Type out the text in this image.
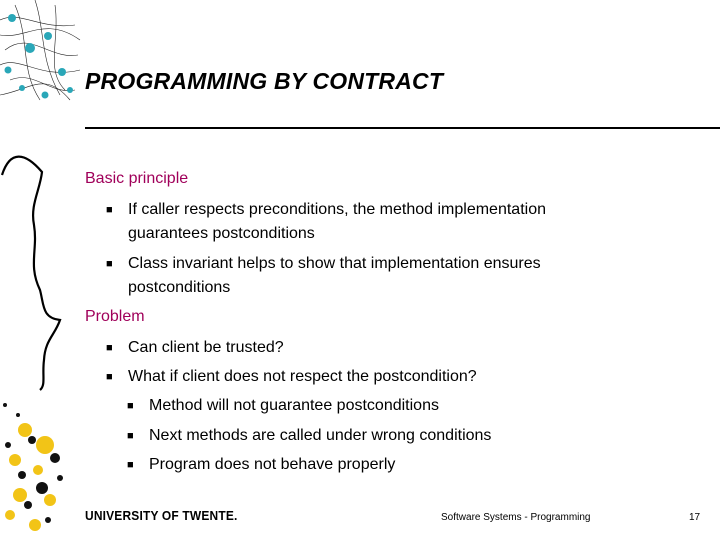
PROGRAMMING BY CONTRACT
Basic principle
■ If caller respects preconditions, the method implementation
guarantees postconditions
■ Class invariant helps to show that implementation ensures
postconditions
Problem
■ Can client be trusted?
■ What if client does not respect the postcondition?
■ Method will not guarantee postconditions
■ Next methods are called under wrong conditions
■ Program does not behave properly
UNIVERSITY OF TWENTE.	Software Systems - Programming	17
